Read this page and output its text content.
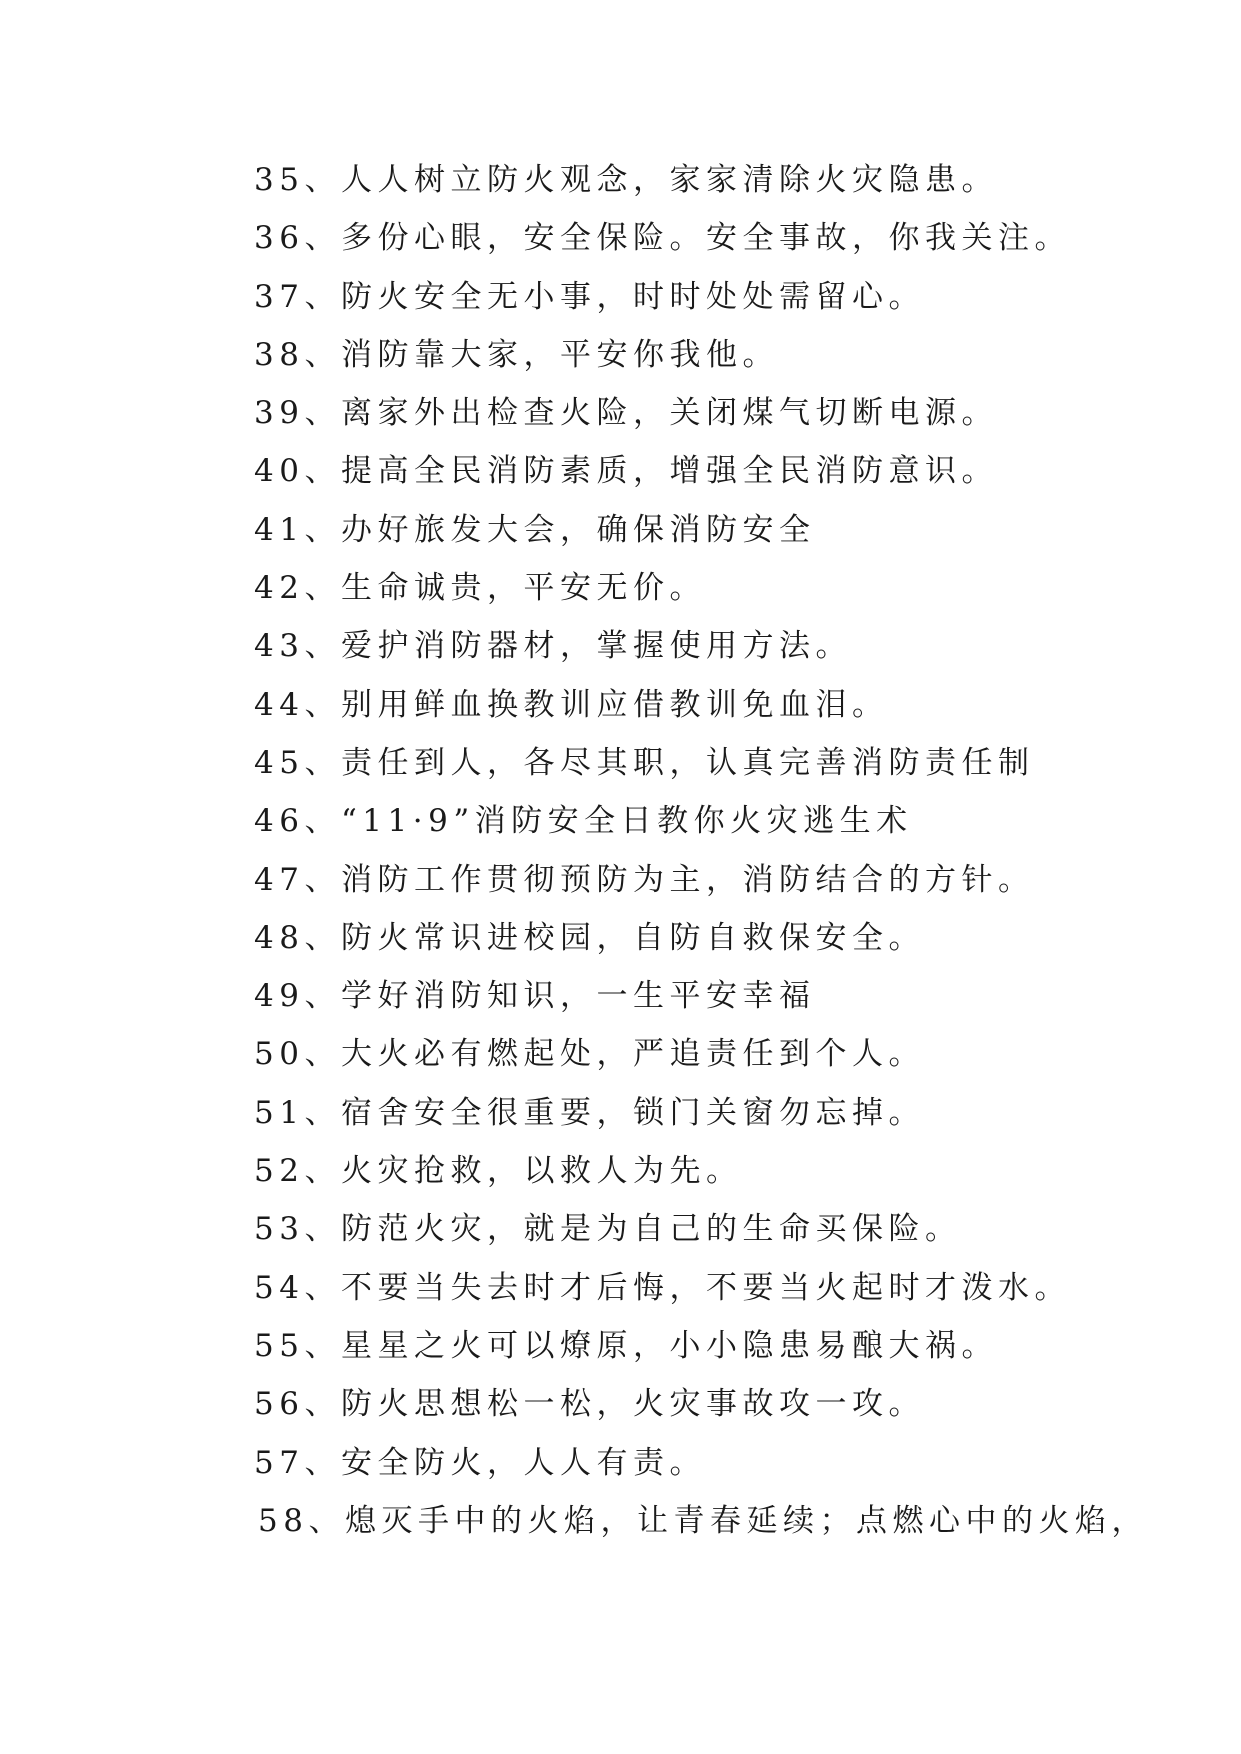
35、人人树立防火观念，家家清除火灾隐患。
36、多份心眼，安全保险。安全事故，你我关注。
37、防火安全无小事，时时处处需留心。
38、消防靠大家，平安你我他。
39、离家外出检查火险，关闭煤气切断电源。
40、提高全民消防素质，增强全民消防意识。
41、办好旅发大会，确保消防安全
42、生命诚贵，平安无价。
43、爱护消防器材，掌握使用方法。
44、别用鲜血换教训应借教训免血泪。
45、责任到人，各尽其职，认真完善消防责任制
46、“11·9”消防安全日教你火灾逃生术
47、消防工作贯彻预防为主，消防结合的方针。
48、防火常识进校园，自防自救保安全。
49、学好消防知识，一生平安幸福
50、大火必有燃起处，严追责任到个人。
51、宿舍安全很重要，锁门关窗勿忘掉。
52、火灾抢救，以救人为先。
53、防范火灾，就是为自己的生命买保险。
54、不要当失去时才后悔，不要当火起时才泼水。
55、星星之火可以燎原，小小隐患易酿大祸。
56、防火思想松一松，火灾事故攻一攻。
57、安全防火，人人有责。
58、熄灭手中的火焰，让青春延续；点燃心中的火焰，
